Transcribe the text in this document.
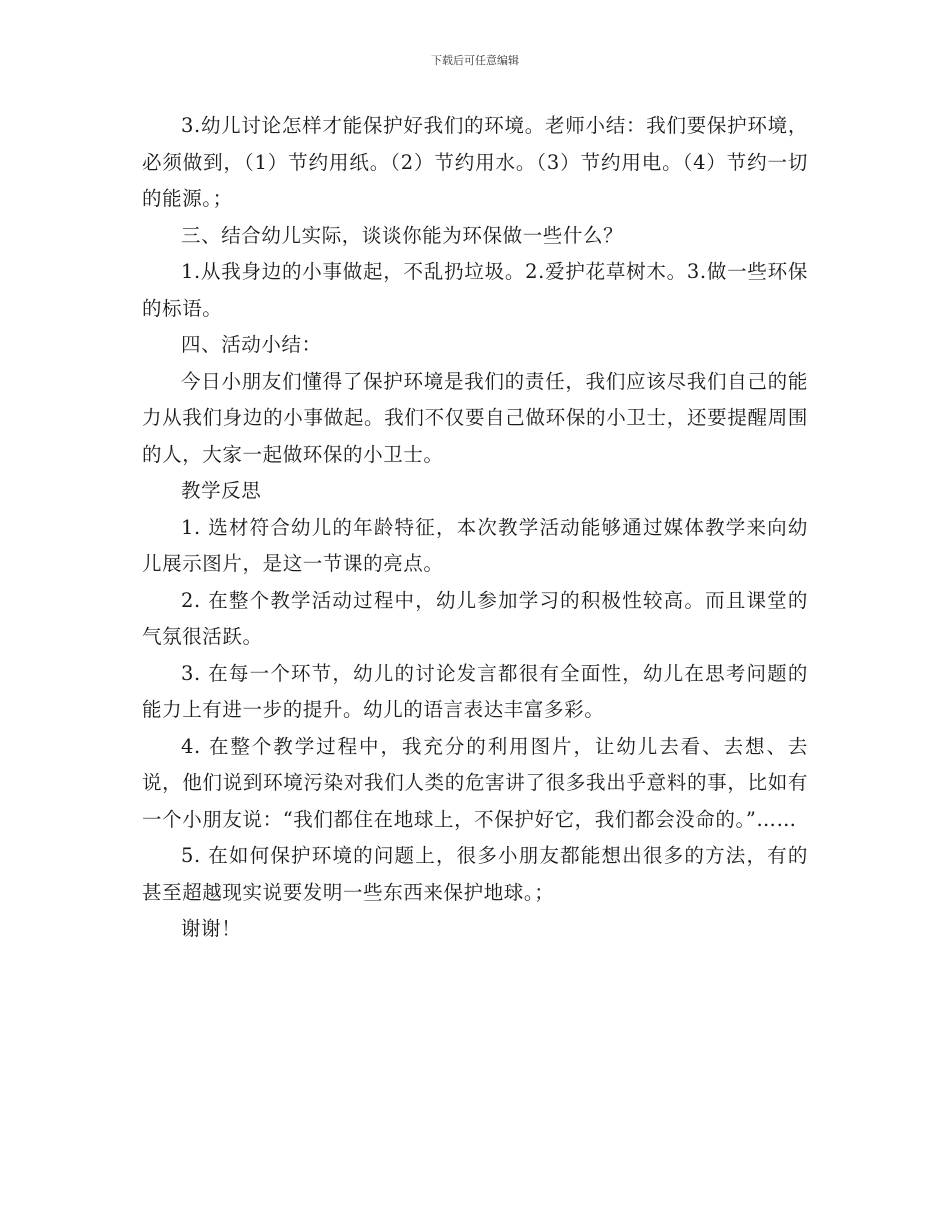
下载后可任意编辑

3.幼儿讨论怎样才能保护好我们的环境。老师小结：我们要保护环境，必须做到，（1）节约用纸。（2）节约用水。（3）节约用电。（4）节约一切的能源。；

三、结合幼儿实际，谈谈你能为环保做一些什么？

1.从我身边的小事做起，不乱扔垃圾。2.爱护花草树木。3.做一些环保的标语。

四、活动小结：

今日小朋友们懂得了保护环境是我们的责任，我们应该尽我们自己的能力从我们身边的小事做起。我们不仅要自己做环保的小卫士，还要提醒周围的人，大家一起做环保的小卫士。

教学反思

1. 选材符合幼儿的年龄特征，本次教学活动能够通过媒体教学来向幼儿展示图片，是这一节课的亮点。

2. 在整个教学活动过程中，幼儿参加学习的积极性较高。而且课堂的气氛很活跃。

3. 在每一个环节，幼儿的讨论发言都很有全面性，幼儿在思考问题的能力上有进一步的提升。幼儿的语言表达丰富多彩。

4. 在整个教学过程中，我充分的利用图片，让幼儿去看、去想、去说，他们说到环境污染对我们人类的危害讲了很多我出乎意料的事，比如有一个小朋友说：“我们都住在地球上，不保护好它，我们都会没命的。”……

5. 在如何保护环境的问题上，很多小朋友都能想出很多的方法，有的甚至超越现实说要发明一些东西来保护地球。；

谢谢！
